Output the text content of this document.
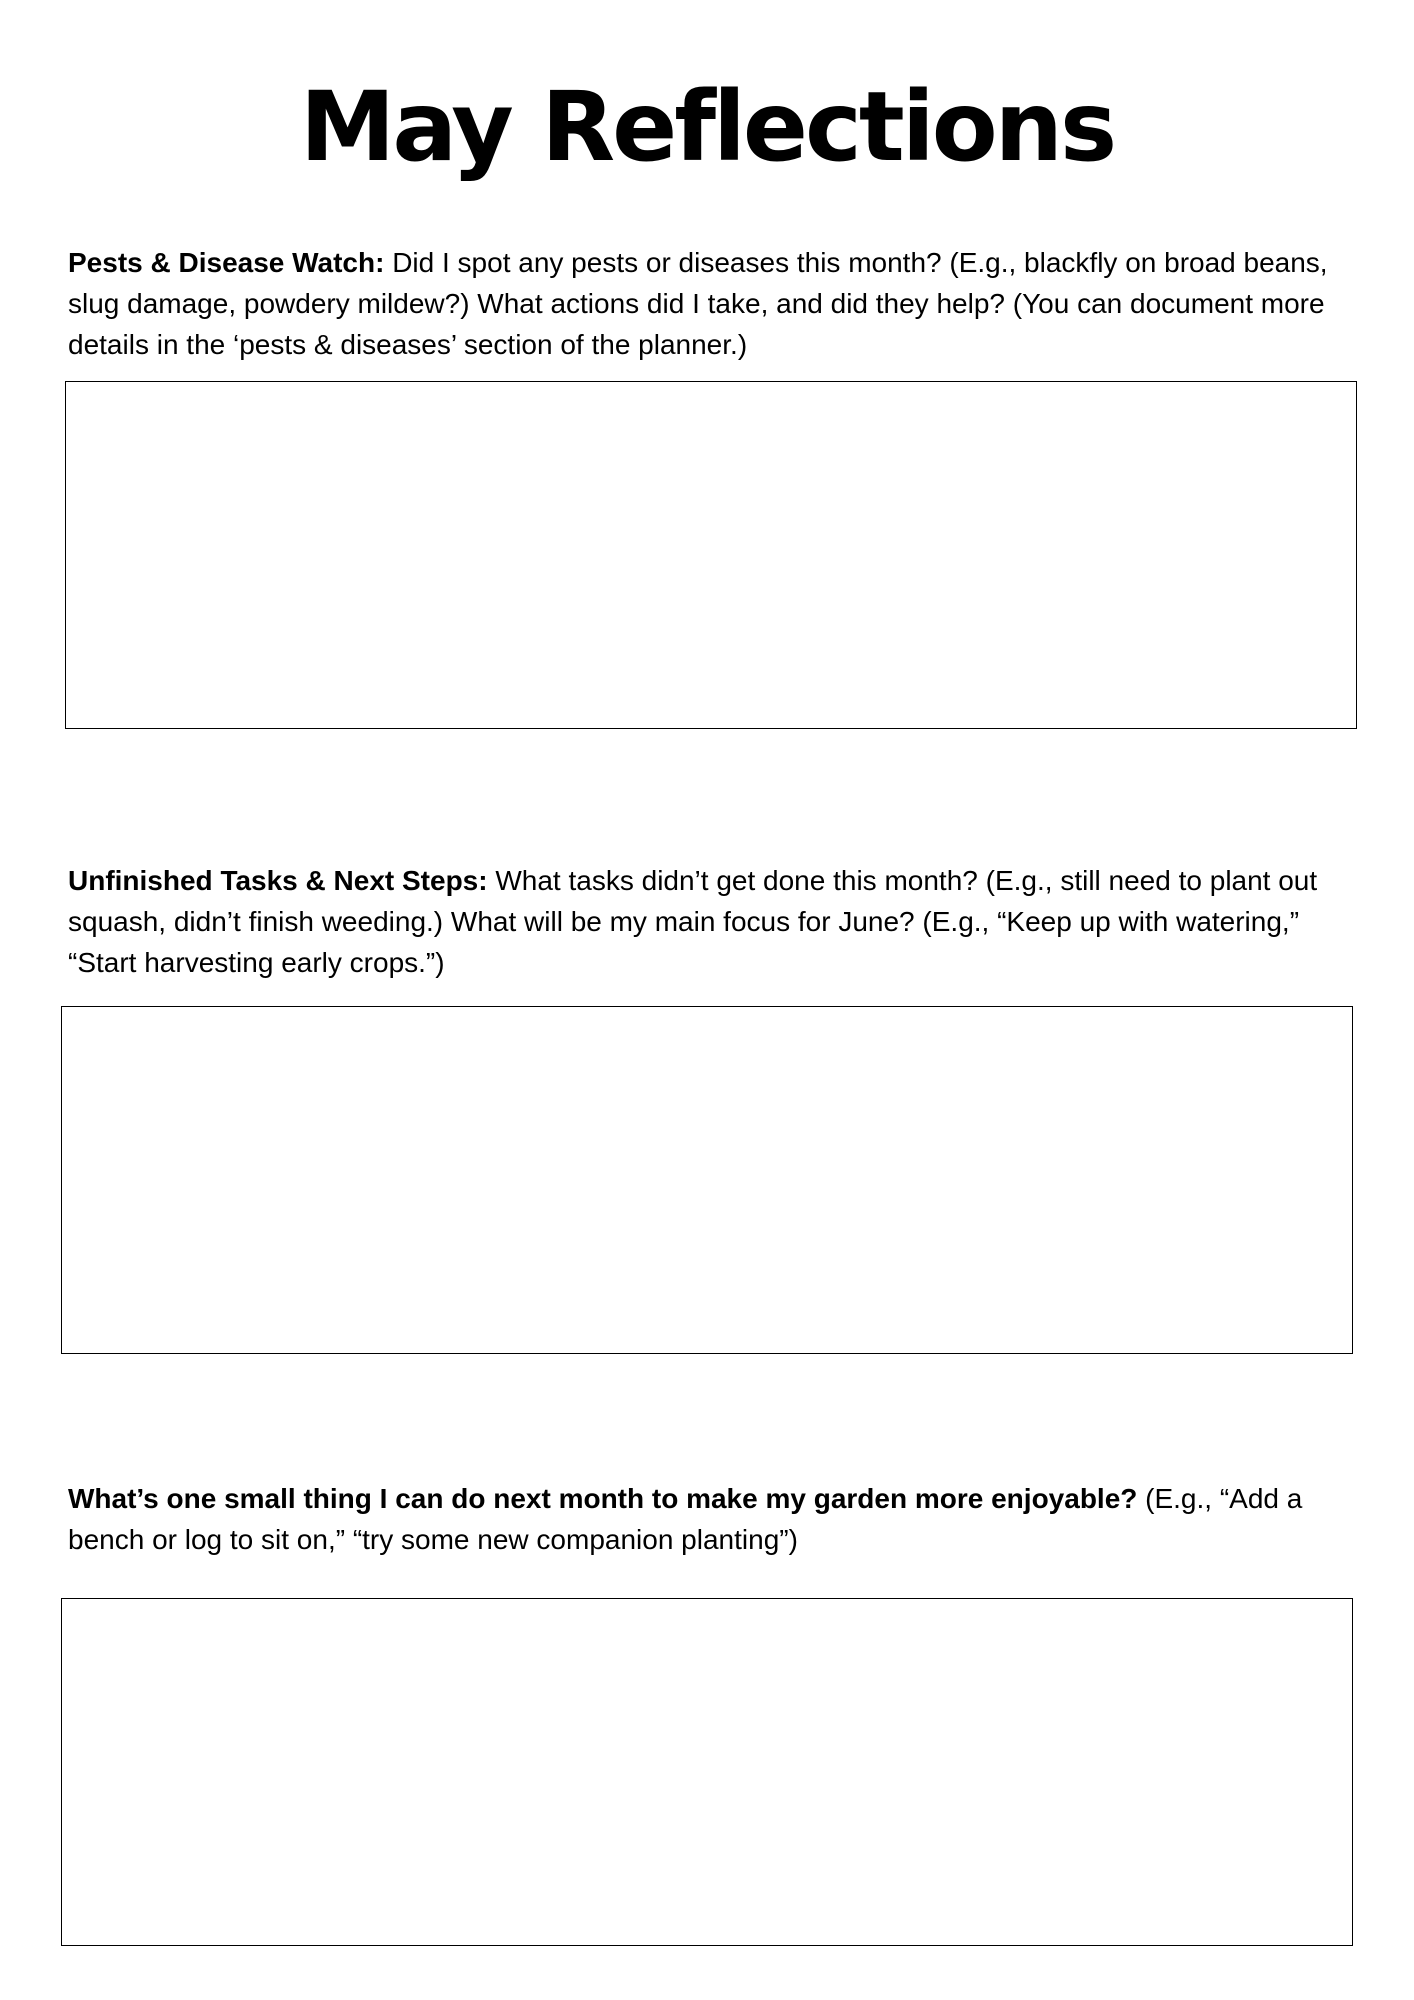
May Reflections
Pests & Disease Watch: Did I spot any pests or diseases this month? (E.g., blackfly on broad beans, slug damage, powdery mildew?) What actions did I take, and did they help? (You can document more details in the ‘pests & diseases’ section of the planner.)
Unfinished Tasks & Next Steps: What tasks didn’t get done this month? (E.g., still need to plant out squash, didn’t finish weeding.) What will be my main focus for June? (E.g., “Keep up with watering,” “Start harvesting early crops.”)
What’s one small thing I can do next month to make my garden more enjoyable? (E.g., “Add a bench or log to sit on,” “try some new companion planting”)
